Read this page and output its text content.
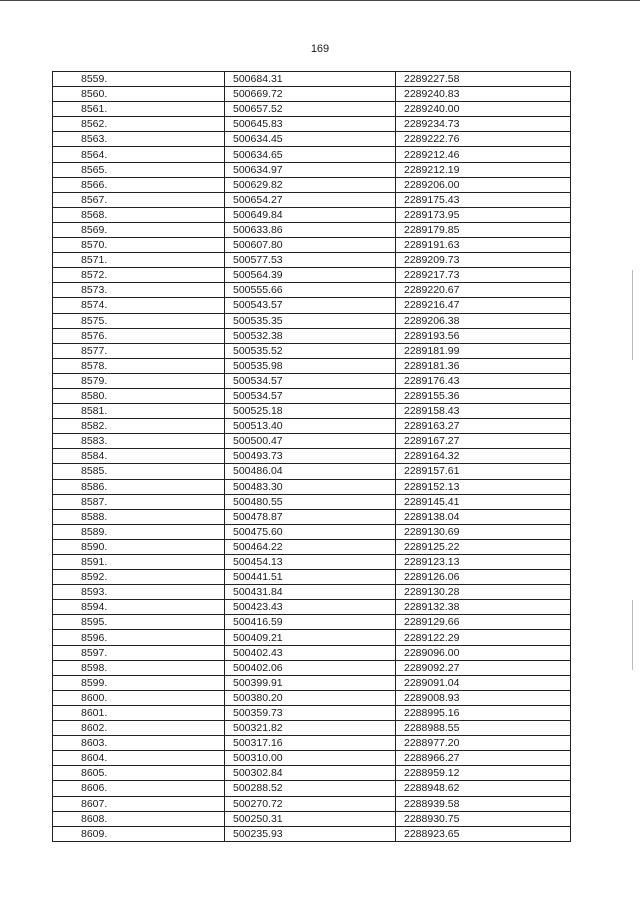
169
8559.	500684.31	2289227.58
8560.	500669.72	2289240.83
8561.	500657.52	2289240.00
8562.	500645.83	2289234.73
8563.	500634.45	2289222.76
8564.	500634.65	2289212.46
8565.	500634.97	2289212.19
8566.	500629.82	2289206.00
8567.	500654.27	2289175.43
8568.	500649.84	2289173.95
8569.	500633.86	2289179.85
8570.	500607.80	2289191.63
8571.	500577.53	2289209.73
8572.	500564.39	2289217.73
8573.	500555.66	2289220.67
8574.	500543.57	2289216.47
8575.	500535.35	2289206.38
8576.	500532.38	2289193.56
8577.	500535.52	2289181.99
8578.	500535.98	2289181.36
8579.	500534.57	2289176.43
8580.	500534.57	2289155.36
8581.	500525.18	2289158.43
8582.	500513.40	2289163.27
8583.	500500.47	2289167.27
8584.	500493.73	2289164.32
8585.	500486.04	2289157.61
8586.	500483.30	2289152.13
8587.	500480.55	2289145.41
8588.	500478.87	2289138.04
8589.	500475.60	2289130.69
8590.	500464.22	2289125.22
8591.	500454.13	2289123.13
8592.	500441.51	2289126.06
8593.	500431.84	2289130.28
8594.	500423.43	2289132.38
8595.	500416.59	2289129.66
8596.	500409.21	2289122.29
8597.	500402.43	2289096.00
8598.	500402.06	2289092.27
8599.	500399.91	2289091.04
8600.	500380.20	2289008.93
8601.	500359.73	2288995.16
8602.	500321.82	2288988.55
8603.	500317.16	2288977.20
8604.	500310.00	2288966.27
8605.	500302.84	2288959.12
8606.	500288.52	2288948.62
8607.	500270.72	2288939.58
8608.	500250.31	2288930.75
8609.	500235.93	2288923.65
